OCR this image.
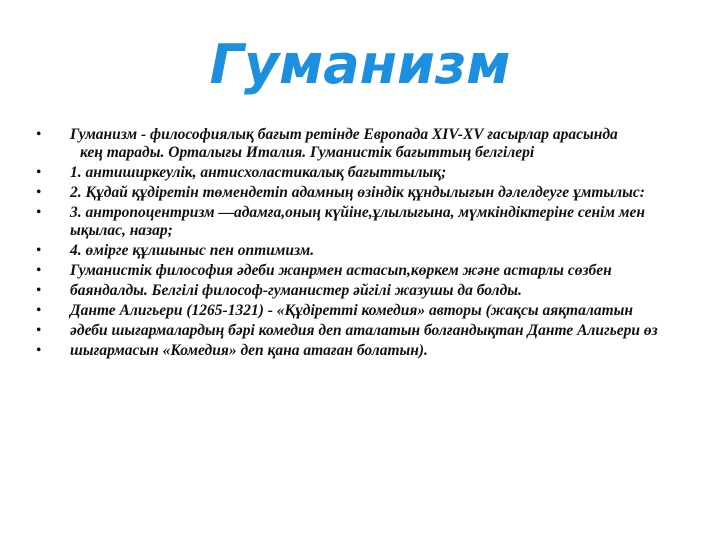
Гуманизм
• Гуманизм - философиялық бағыт ретінде Европада XIV-XV ғасырлар арасында
кең тарады. Орталығы Италия. Гуманистік бағыттың белгілері
• 1. антиширкеулік, антисхоластикалық бағыттылық;
• 2. Құдай құдіретін төмендетіп адамның өзіндік құндылығын дәлелдеуге ұмтылыс:
• 3. антропоцентризм —адамға,оның күйіне,ұлылығына, мүмкіндіктеріне сенім мен ықылас, назар;
• 4. өмірге құлшыныс пен оптимизм.
• Гуманистік философия әдеби жанрмен астасып,көркем және астарлы сөзбен
• баяндалды. Белгілі философ-гуманистер әйгілі жазушы да болды.
• Данте Алигьери (1265-1321) - «Құдіретті комедия» авторы (жақсы аяқталатын
• әдеби шығармалардың бәрі комедия деп аталатын болғандықтан Данте Алигьери өз
• шығармасын «Комедия» деп қана атаған болатын).
